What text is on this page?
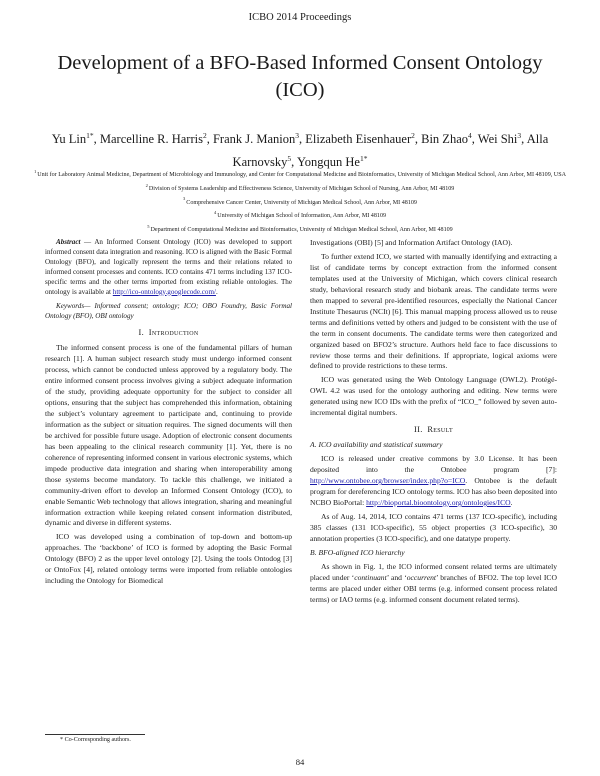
ICBO 2014 Proceedings
Development of a BFO-Based Informed Consent Ontology (ICO)
Yu Lin$^{1*}$, Marcelline R. Harris$^2$, Frank J. Manion$^3$, Elizabeth Eisenhauer$^2$, Bin Zhao$^4$, Wei Shi$^3$, Alla Karnovsky$^5$, Yongqun $He^{1*}$
$^1$Unit for Laboratory Animal Medicine, Department of Microbiology and Immunology, and Center for Computational Medicine and Bioinformatics, University of Michigan Medical School, Ann Arbor, MI 48109, USA
$^2$Division of Systems Leadership and Effectiveness Science, University of Michigan School of Nursing, Ann Arbor, MI 48109
$^3$Comprehensive Cancer Center, University of Michigan Medical School, Ann Arbor, MI 48109
$^4$University of Michigan School of Information, Ann Arbor, MI 48109
$^5$Department of Computational Medicine and Bioinformatics, University of Michigan Medical School, Ann Arbor, MI 48109

Abstract — An Informed Consent Ontology (ICO) was developed to support informed consent data integration and reasoning. ICO is aligned with the Basic Formal Ontology (BFO), and logically represent the terms and their relations related to informed consent processes and contents. ICO contains 471 terms including 137 ICO-specific terms and the other terms imported from existing reliable ontologies. The ontology is available at http://ico-ontology.googlecode.com/.

Keywords— Informed consent; ontology; ICO; OBO Foundry, Basic Formal Ontology (BFO), OBI ontology

I. Introduction

The informed consent process is one of the fundamental pillars of human research [1]. A human subject research study must undergo informed consent process, which cannot be conducted unless approved by a regulatory body. The entire informed consent process involves giving a subject adequate information of the study, providing adequate opportunity for the subject to consider all options, ensuring that the subject has comprehended this information, obtaining the subject’s voluntary agreement to participate and, continuing to provide information as the subject or situation requires. The signed documents will then be archived for possible future usage. Adoption of electronic consent documents has been appealing to the clinical research community [1]. Yet, there is no coherence of representing informed consent in various electronic systems, which impede productive data integration and sharing when interoperability among those systems become mandatory. To tackle this challenge, we initiated a community-driven effort to develop an Informed Consent Ontology (ICO), to enable Semantic Web technology that allows integration, sharing and meaningful information extraction while keeping related consent information distributed, dynamic and diverse in different systems.

ICO was developed using a combination of top-down and bottom-up approaches. The ‘backbone’ of ICO is formed by adopting the Basic Formal Ontology (BFO) 2 as the upper level ontology [2]. Using the tools Ontodog [3] or OntoFox [4], related ontology terms were imported from reliable ontologies including the Ontology for Biomedical

Investigations (OBI) [5] and Information Artifact Ontology (IAO).

To further extend ICO, we started with manually identifying and extracting a list of candidate terms by concept extraction from the informed consent templates used at the University of Michigan, which covers clinical research study, behavioral research study and biobank areas. The candidate terms were then mapped to several pre-identified resources, especially the National Cancer Institute Thesaurus (NCIt) [6]. This manual mapping process allowed us to reuse terms and definitions vetted by others and judged to be consistent with the use of the term in consent documents. The candidate terms were then categorized and organized based on BFO2’s structure. Authors held face to face discussions to review those terms and their definitions. If appropriate, logical axioms were defined to provide restrictions to these terms.

ICO was generated using the Web Ontology Language (OWL2). Protégé-OWL 4.2 was used for the ontology authoring and editing. New terms were generated using new ICO IDs with the prefix of “ICO_” followed by seven auto-incremental digital numbers.

II. Result
A. ICO availability and statistical summary

ICO is released under creative commons by 3.0 License. It has been deposited into the Ontobee program [7]: http://www.ontobee.org/browser/index.php?o=ICO. Ontobee is the default program for dereferencing ICO ontology terms. ICO has also been deposited into NCBO BioPortal: http://bioportal.bioontology.org/ontologies/ICO.

As of Aug. 14, 2014, ICO contains 471 terms (137 ICO-specific), including 385 classes (131 ICO-specific), 55 object properties (3 ICO-specific), 30 annotation properties (3 ICO-specific), and one datatype property.

B. BFO-aligned ICO hierarchy

As shown in Fig. 1, the ICO informed consent related terms are ultimately placed under ‘continuant’ and ‘occurrent’ branches of BFO2. The top level ICO terms are placed under either OBI terms (e.g. informed consent process related terms) or IAO terms (e.g. informed consent document related terms).

* Co-Corresponding authors.
84
